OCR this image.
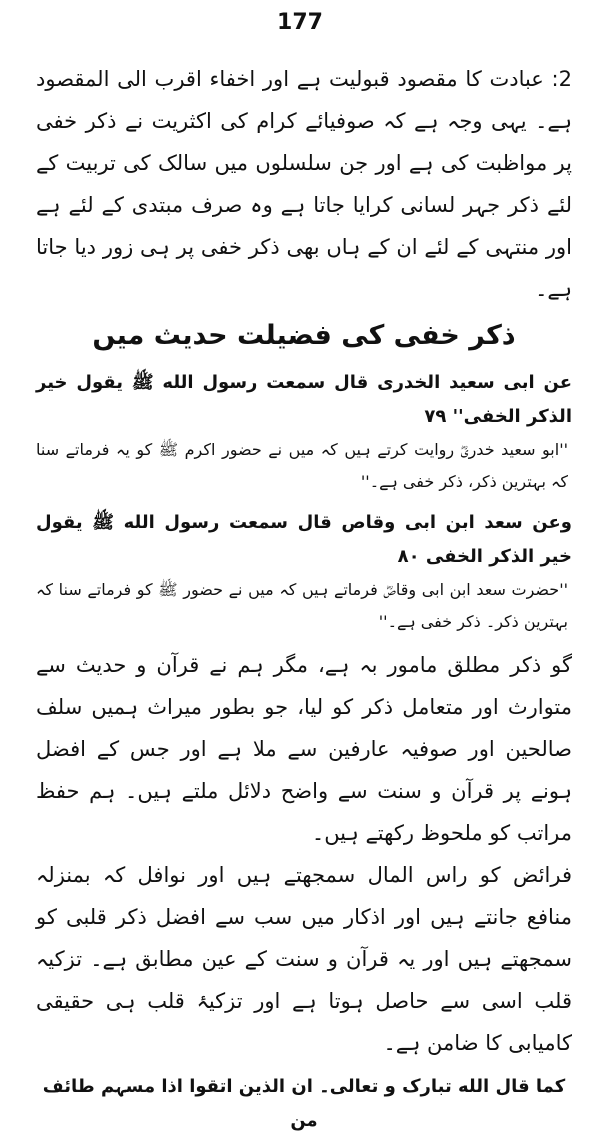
177

2: عبادت کا مقصود قبولیت ہے اور اخفاء اقرب الی المقصود ہے۔ یہی وجہ ہے کہ صوفیائے کرام کی اکثریت نے ذکر خفی پر مواظبت کی ہے اور جن سلسلوں میں سالک کی تربیت کے لئے ذکر جہر لسانی کرایا جاتا ہے وہ صرف مبتدی کے لئے ہے اور منتہی کے لئے ان کے ہاں بھی ذکر خفی پر ہی زور دیا جاتا ہے۔

ذکر خفی کی فضیلت حدیث میں

عن ابی سعید الخدری قال سمعت رسول الله ﷺ یقول خیر الذکر الخفی'' ٧٩

''ابو سعید خدریؓ روایت کرتے ہیں کہ میں نے حضور اکرم ﷺ کو یہ فرماتے سنا کہ بہترین ذکر، ذکر خفی ہے۔''

وعن سعد ابن ابی وقاص قال سمعت رسول الله ﷺ یقول خیر الذکر الخفی ٨٠

''حضرت سعد ابن ابی وقاصؓ فرماتے ہیں کہ میں نے حضور ﷺ کو فرماتے سنا کہ بہترین ذکر۔ ذکر خفی ہے۔''

گو ذکر مطلق مامور بہ ہے، مگر ہم نے قرآن و حدیث سے متوارث اور متعامل ذکر کو لیا، جو بطور میراث ہمیں سلف صالحین اور صوفیہ عارفین سے ملا ہے اور جس کے افضل ہونے پر قرآن و سنت سے واضح دلائل ملتے ہیں۔ ہم حفظ مراتب کو ملحوظ رکھتے ہیں۔

فرائض کو راس المال سمجھتے ہیں اور نوافل کہ بمنزلہ منافع جانتے ہیں اور اذکار میں سب سے افضل ذکر قلبی کو سمجھتے ہیں اور یہ قرآن و سنت کے عین مطابق ہے۔ تزکیہ قلب اسی سے حاصل ہوتا ہے اور تزکیۂ قلب ہی حقیقی کامیابی کا ضامن ہے۔

کما قال الله تبارک و تعالی۔ ان الذین اتقوا اذا مسہم طائف من
